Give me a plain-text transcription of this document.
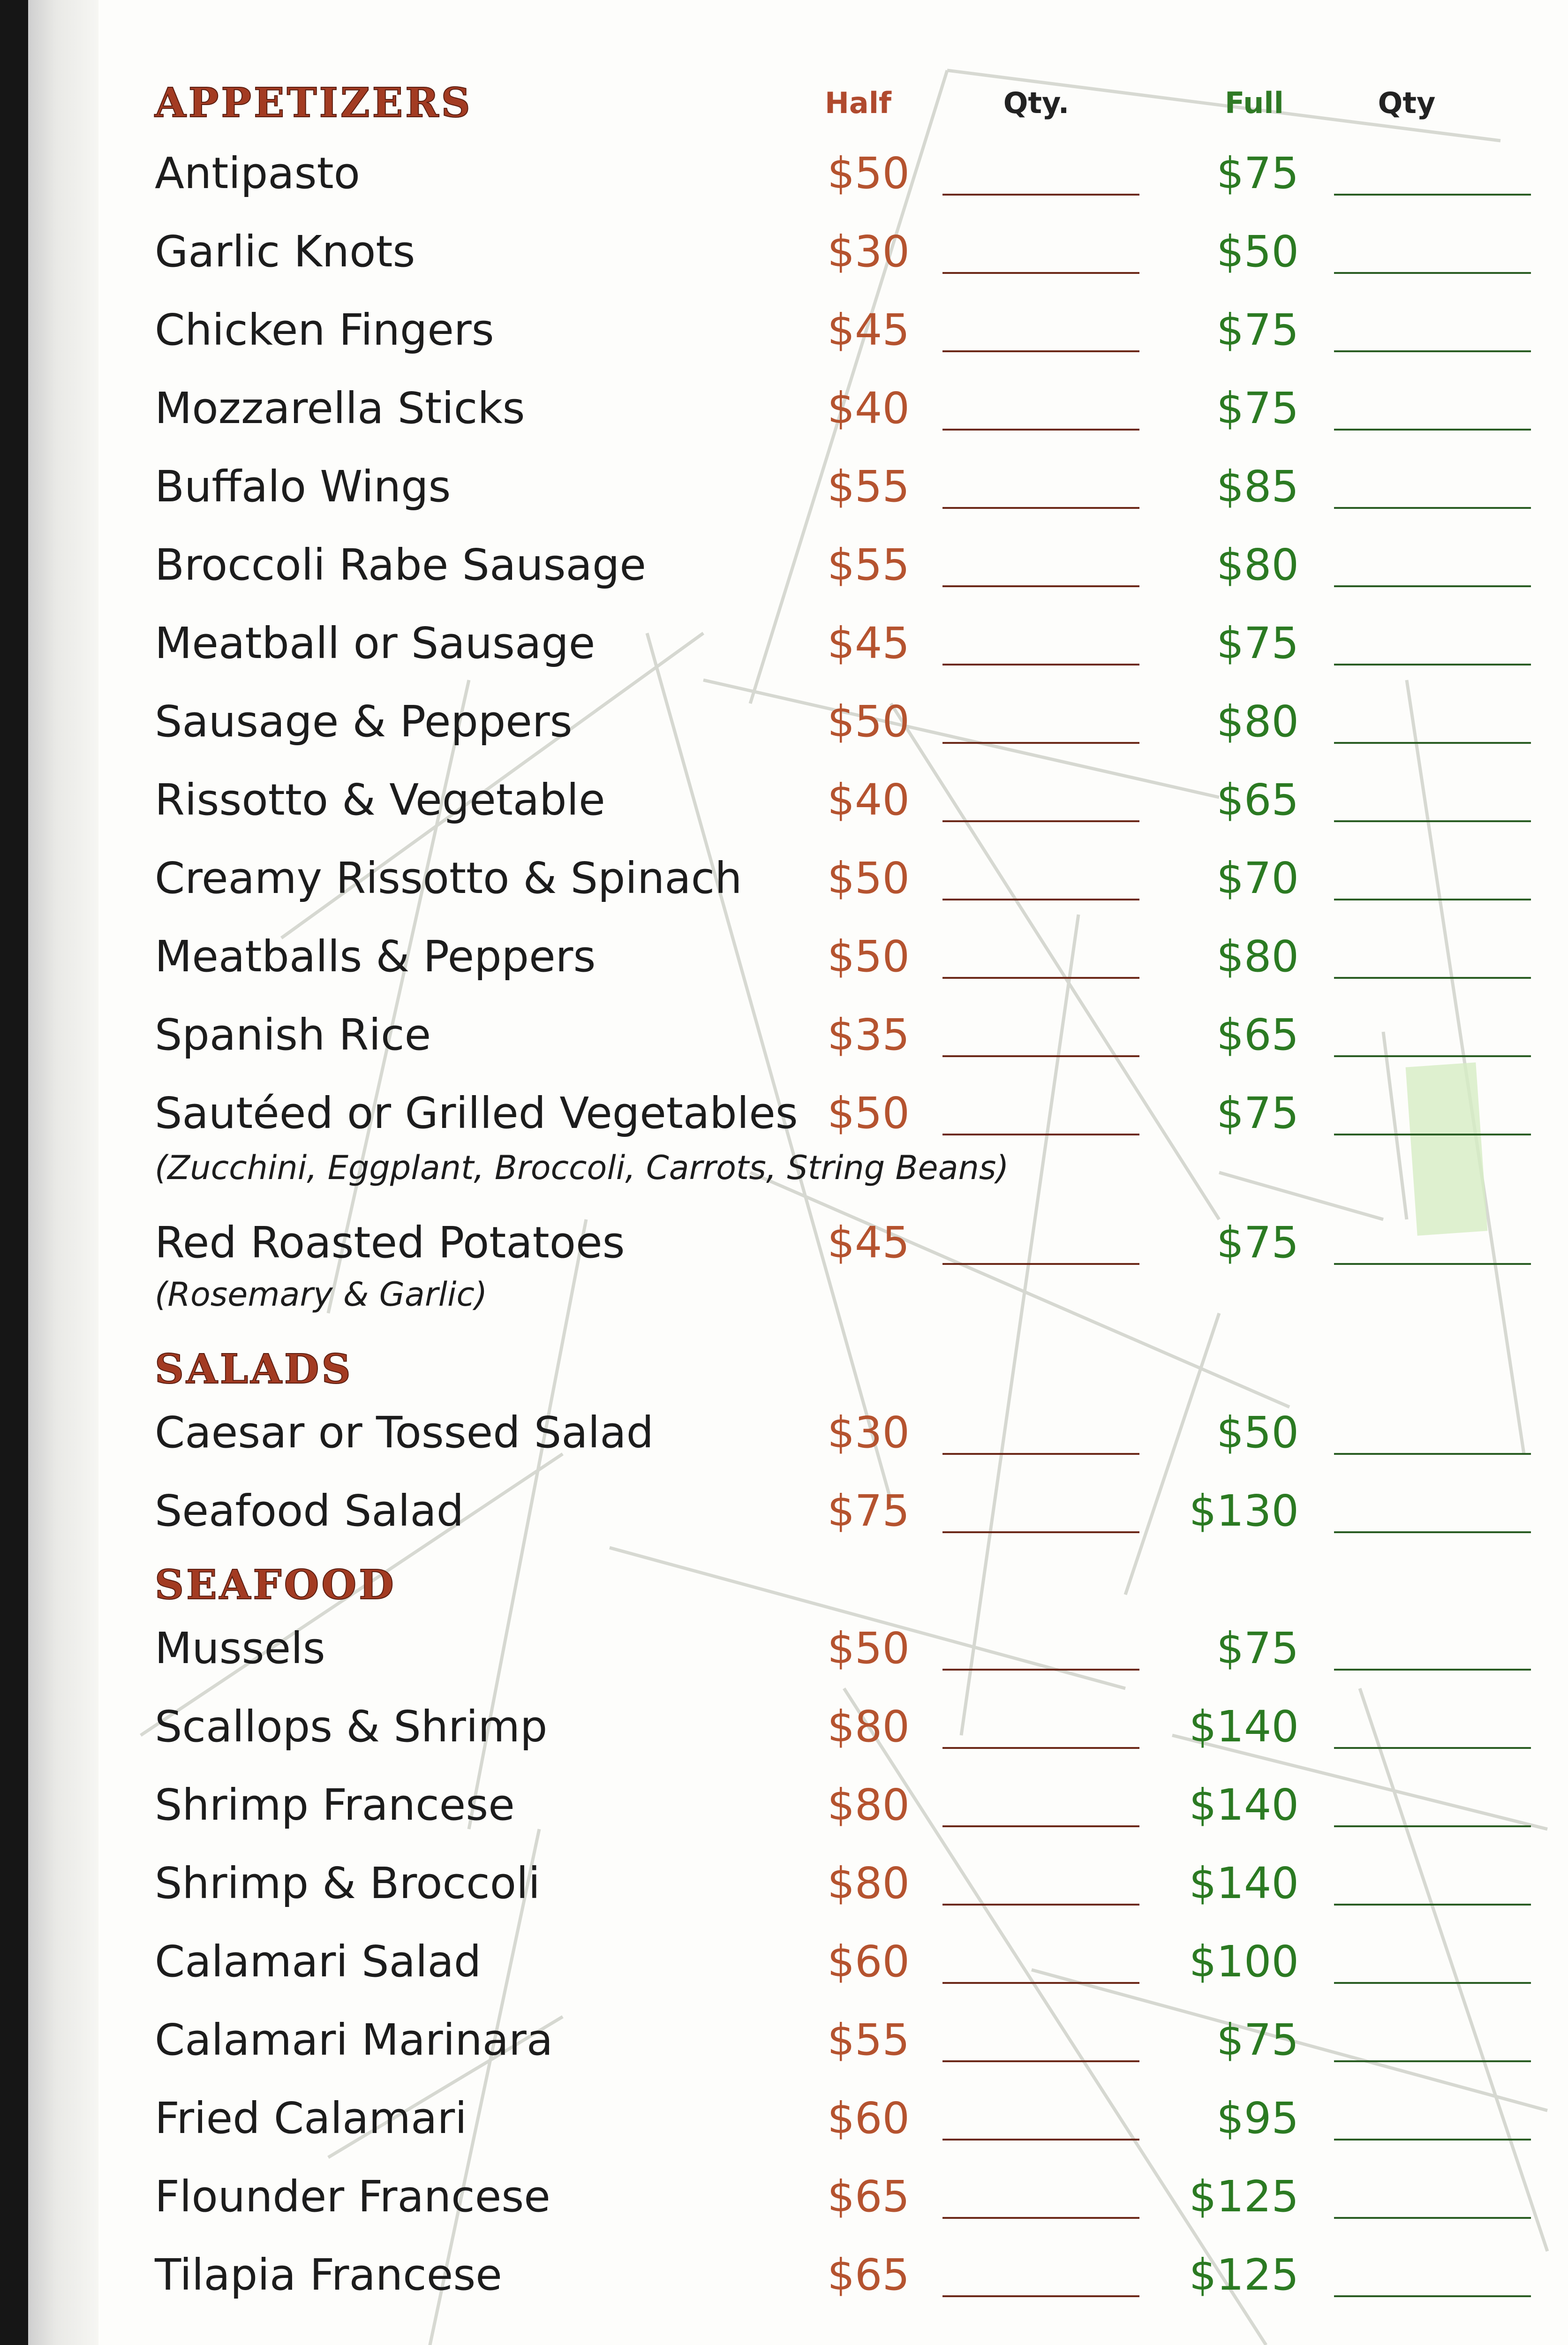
APPETIZERS	Half	Qty.	Full	Qty
Antipasto	$50	$75
Garlic Knots	$30	$50
Chicken Fingers	$45	$75
Mozzarella Sticks	$40	$75
Buffalo Wings	$55	$85
Broccoli Rabe Sausage	$55	$80
Meatball or Sausage	$45	$75
Sausage & Peppers	$50	$80
Rissotto & Vegetable	$40	$65
Creamy Rissotto & Spinach	$50	$70
Meatballs & Peppers	$50	$80
Spanish Rice	$35	$65
Sautéed or Grilled Vegetables $50	$75
(Zucchini, Eggplant, Broccoli, Carrots, String Beans)
Red Roasted Potatoes	$45	$75
(Rosemary & Garlic)
SALADS
Caesar or Tossed Salad	$30	$50
Seafood Salad	$75	$130
SEAFOOD
Mussels	$50	$75
Scallops & Shrimp	$80	$140
Shrimp Francese	$80	$140
Shrimp & Broccoli	$80	$140
Calamari Salad	$60	$100
Calamari Marinara	$55	$75
Fried Calamari	$60	$95
Flounder Francese	$65	$125
Tilapia Francese	$65	$125
